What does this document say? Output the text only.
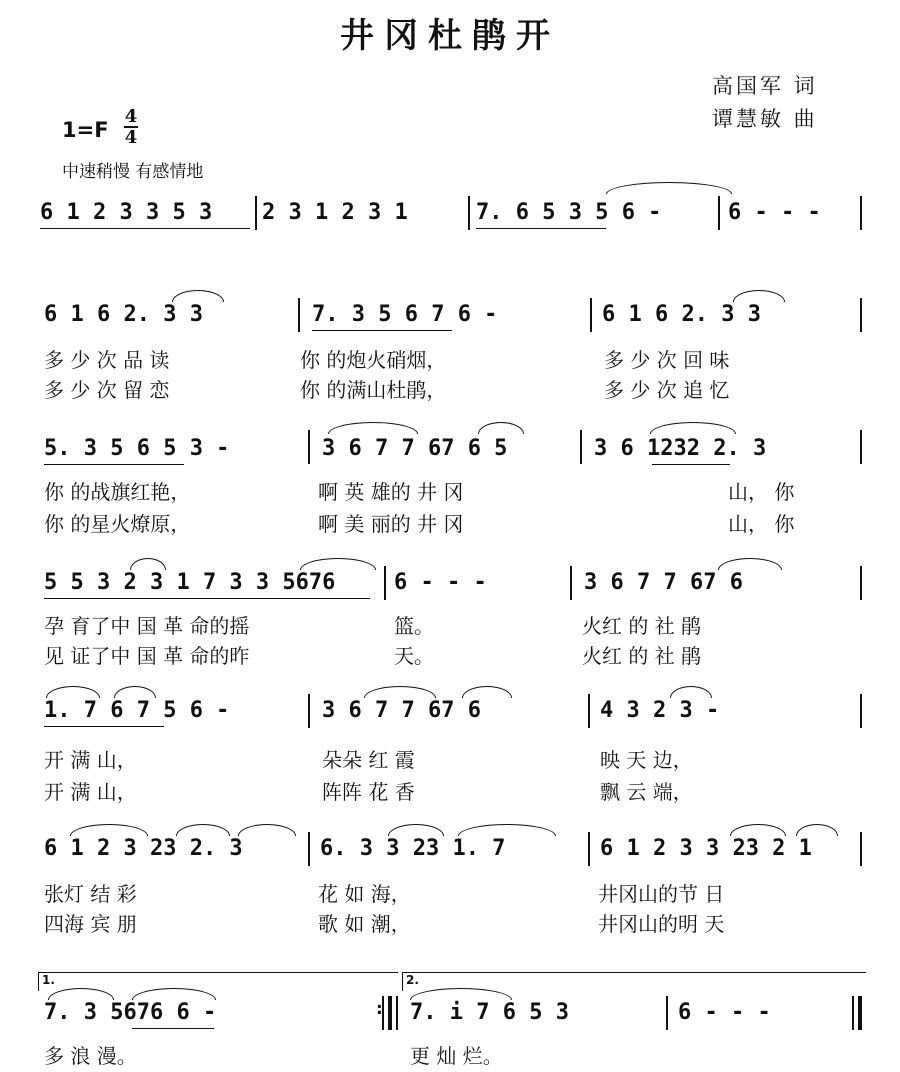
井冈杜鹃开
高国军 词
谭慧敏 曲
1=F
4
4
中速稍慢 有感情地
6 1 2 3 3 5 3 2 3 1 2 3 1	7. 6 5 3 5 6 -	6 - - -
6 1 6 2. 3 3	7. 3 5 6 7 6 -	6 1 6 2. 3 3
多 少 次 品 读	你 的炮火硝烟，	多 少 次 回 味
多 少 次 留 恋	你 的满山杜鹃，	多 少 次 追 忆
5. 3 5 6 5 3 -	3 6 7 7 67 6 5	3 6 1232 2. 3
你 的战旗红艳，	啊 英 雄的 井 冈	山， 你
你 的星火燎原，	啊 美 丽的 井 冈	山， 你
5 5 3 2 3 1 7 3 3 5676	6 - - -	3 6 7 7 67 6
孕 育了中 国 革 命的摇	篮。	火红 的 社 鹃
见 证了中 国 革 命的昨	天。	火红 的 社 鹃
1. 7 6 7 5 6 -	3 6 7 7 67 6	4 3 2 3 -
开 满 山，	朵朵 红 霞	映 天 边，
开 满 山，	阵阵 花 香	飘 云 端，
6 1 2 3 23 2. 3	6. 3 3 23 1. 7	6 1 2 3 3 23 2 1
张灯 结 彩	花 如 海，	井冈山的节 日
四海 宾 朋	歌 如 潮，	井冈山的明 天
1.	2.
:
7. 3 5676 6 -	7. i 7 6 5 3	6 - - -
多 浪 漫。	更 灿 烂。
